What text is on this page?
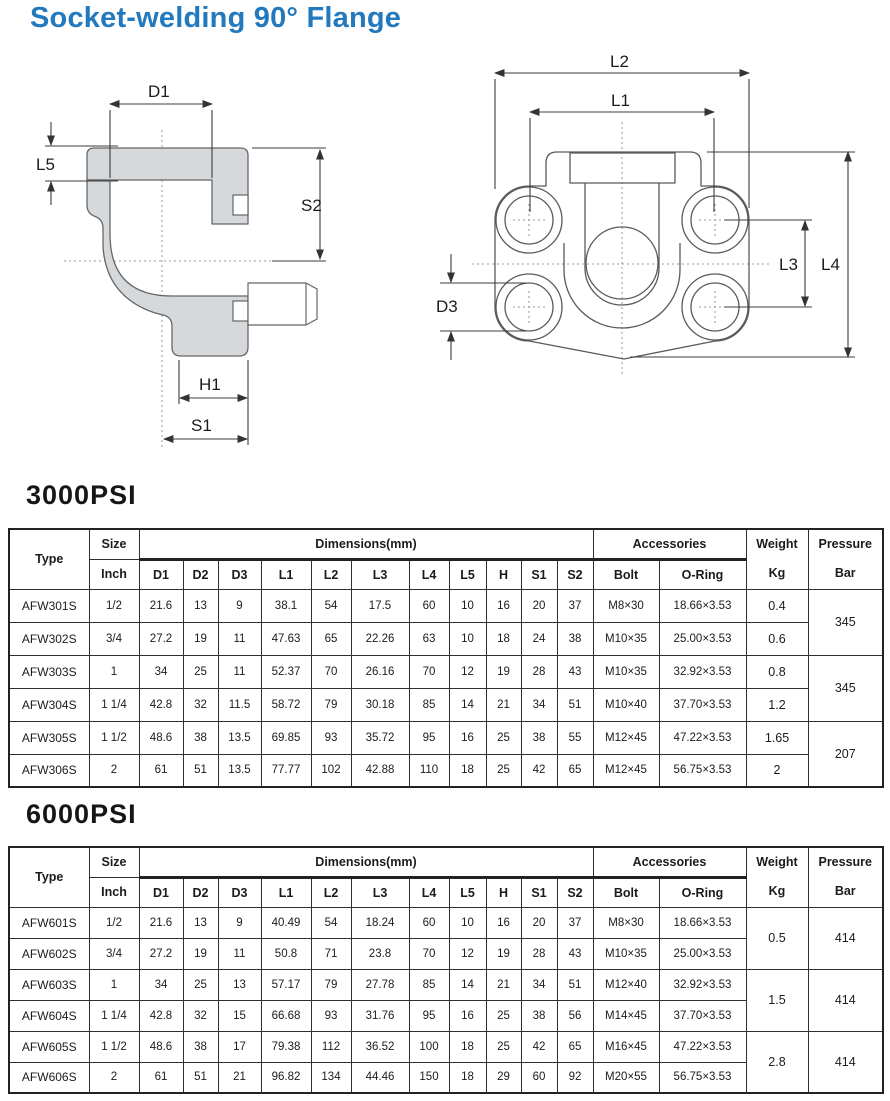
Socket-welding 90° Flange
D1
L5
S2
H1
S1
L2
L1
L3 L4
D3
3000PSI
Type	Size	Dimensions(mm)	Accessories	Weight
Kg

Pressure
Bar

	Inch	D1	D2	D3	L1	L2	L3	L4	L5	H	S1	S2	Bolt	O-Ring		
AFW301S	1/2	21.6	13	9	38.1	54	17.5	60	10	16	20	37	M8×30	18.66×3.53	0.4	345
AFW302S	3/4	27.2	19	11	47.63	65	22.26	63	10	18	24	38	M10×35	25.00×3.53	0.6	
AFW303S	1	34	25	11	52.37	70	26.16	70	12	19	28	43	M10×35	32.92×3.53	0.8	345
AFW304S	1 1/4	42.8	32	11.5	58.72	79	30.18	85	14	21	34	51	M10×40	37.70×3.53	1.2	
AFW305S	1 1/2	48.6	38	13.5	69.85	93	35.72	95	16	25	38	55	M12×45	47.22×3.53	1.65	207
AFW306S	2	61	51	13.5	77.77	102	42.88	110	18	25	42	65	M12×45	56.75×3.53	2	
6000PSI
Type	Size	Dimensions(mm)	Accessories	Weight
Kg

Pressure
Bar

	Inch	D1	D2	D3	L1	L2	L3	L4	L5	H	S1	S2	Bolt	O-Ring		
AFW601S	1/2	21.6	13	9	40.49	54	18.24	60	10	16	20	37	M8×30	18.66×3.53	0.5	414
AFW602S	3/4	27.2	19	11	50.8	71	23.8	70	12	19	28	43	M10×35	25.00×3.53		
AFW603S	1	34	25	13	57.17	79	27.78	85	14	21	34	51	M12×40	32.92×3.53	1.5	414
AFW604S	1 1/4	42.8	32	15	66.68	93	31.76	95	16	25	38	56	M14×45	37.70×3.53		
AFW605S	1 1/2	48.6	38	17	79.38	112	36.52	100	18	25	42	65	M16×45	47.22×3.53	2.8	414
AFW606S	2	61	51	21	96.82	134	44.46	150	18	29	60	92	M20×55	56.75×3.53		
